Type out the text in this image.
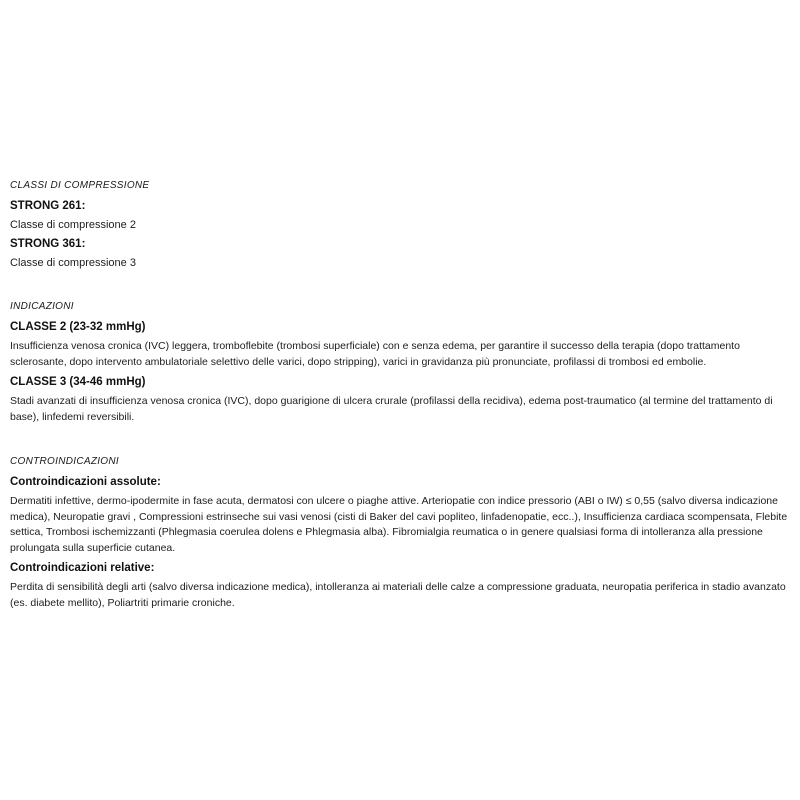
CLASSI DI COMPRESSIONE
STRONG 261:

Classe di compressione 2

STRONG 361:

Classe di compressione 3

INDICAZIONI
CLASSE 2 (23-32 mmHg)

Insufficienza venosa cronica (IVC) leggera, tromboflebite (trombosi superficiale) con e senza edema, per garantire il successo della terapia (dopo trattamento sclerosante, dopo intervento ambulatoriale selettivo delle varici, dopo stripping), varici in gravidanza più pronunciate, profilassi di trombosi ed embolie.

CLASSE 3 (34-46 mmHg)

Stadi avanzati di insufficienza venosa cronica (IVC), dopo guarigione di ulcera crurale (profilassi della recidiva), edema post-traumatico (al termine del trattamento di base), linfedemi reversibili.

CONTROINDICAZIONI
Controindicazioni assolute:

Dermatiti infettive, dermo-ipodermite in fase acuta, dermatosi con ulcere o piaghe attive. Arteriopatie con indice pressorio (ABI o IW) ≤ 0,55 (salvo diversa indicazione medica), Neuropatie gravi , Compressioni estrinseche sui vasi venosi (cisti di Baker del cavi popliteo, linfadenopatie, ecc..), Insufficienza cardiaca scompensata, Flebite settica, Trombosi ischemizzanti (Phlegmasia coerulea dolens e Phlegmasia alba). Fibromialgia reumatica o in genere qualsiasi forma di intolleranza alla pressione prolungata sulla superficie cutanea.

Controindicazioni relative:

Perdita di sensibilità degli arti (salvo diversa indicazione medica), intolleranza ai materiali delle calze a compressione graduata, neuropatia periferica in stadio avanzato (es. diabete mellito), Poliartriti primarie croniche.
